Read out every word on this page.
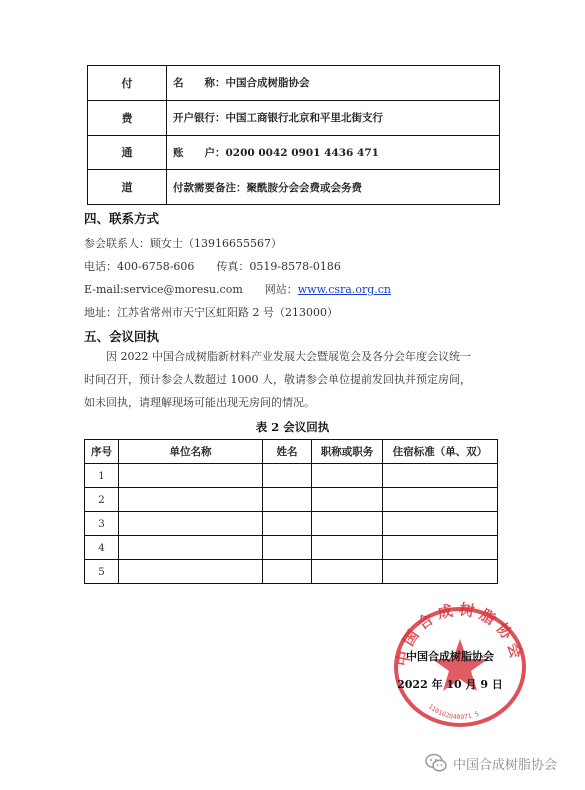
付	名　　称：中国合成树脂协会
费	开户银行：中国工商银行北京和平里北街支行
通	账　　户：0200 0042 0901 4436 471
道	付款需要备注：聚酰胺分会会费或会务费
四、联系方式
参会联系人：顾女士（13916655567）
电话：400-6758-606　　传真：0519-8578-0186
E-mail:service@moresu.com　　网站：www.csra.org.cn
地址：江苏省常州市天宁区虹阳路 2 号（213000）
五、会议回执

因 2022 中国合成树脂新材料产业发展大会暨展览会及各分会年度会议统一

时间召开，预计参会人数超过 1000 人，敬请参会单位提前发回执并预定房间，

如未回执，请理解现场可能出现无房间的情况。

表 2 会议回执
序号	单位名称	姓名	职称或职务	住宿标准（单、双）
1				
2				
3				
4				
5				
中国合成树脂协会
110102040971 5
中国合成树脂协会
2022 年 10 月 9 日
中国合成树脂协会
